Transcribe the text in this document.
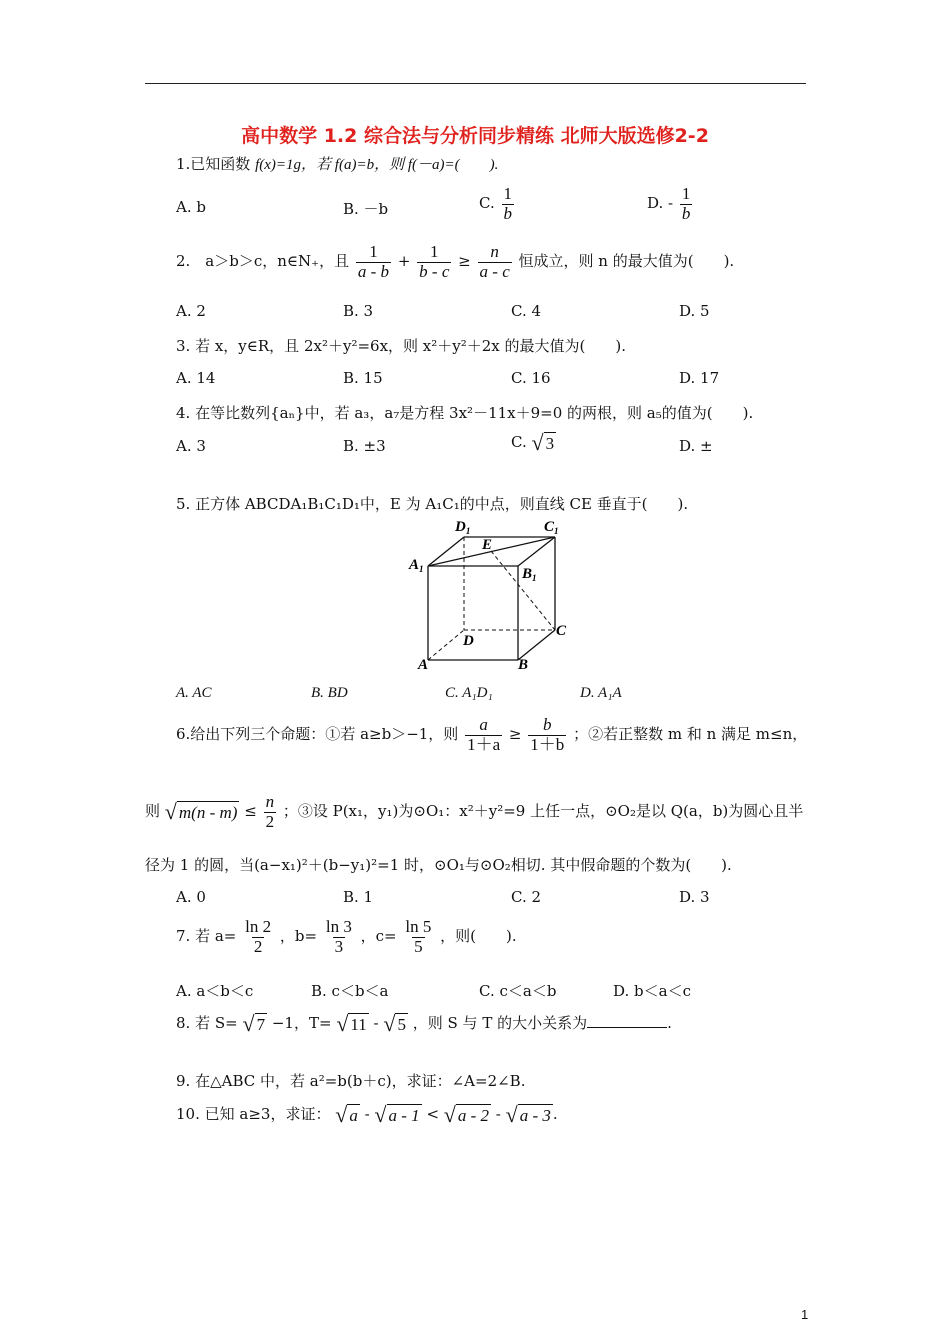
高中数学 1.2 综合法与分析同步精练 北师大版选修2-2
1.已知函数 f(x)=1g，若 f(a)=b，则 f(－a)=(　　).
A. b	B. －b	C. $\frac{1}{b}$	D. - $\frac{1}{b}$
2.　a＞b＞c，n∈N₊，且 $\frac{1}{a - b} + \frac{1}{b - c} \ge \frac{n}{a - c}$ 恒成立，则 n 的最大值为(　　).
A. 2	B. 3	C. 4	D. 5
3. 若 x，y∈R，且 2x²＋y²=6x，则 x²＋y²＋2x 的最大值为(　　).
A. 14	B. 15	C. 16	D. 17
4. 在等比数列{aₙ}中，若 a₃，a₇是方程 3x²－11x＋9=0 的两根，则 a₅的值为(　　).
A. 3	B. ±3	C. √ 3	D. ±
5. 正方体 ABCDA₁B₁C₁D₁中，E 为 A₁C₁的中点，则直线 CE 垂直于(　　).
$D_1$	$C_1$
$A_1$	$B_1$
E
C
D
A	B
A. AC	B. BD	C. A₁D₁	D. A₁A
6.给出下列三个命题：①若 a≥b＞−1，则 $\frac{a}{1+a} \ge \frac{b}{1+b}$ ；②若正整数 m 和 n 满足 m≤n，
则 √ $m(n - m) \le \frac{n}{2}$ ；③设 P(x₁，y₁)为⊙O₁：x²＋y²=9 上任一点，⊙O₂是以 Q(a，b)为圆心且半
径为 1 的圆，当(a−x₁)²＋(b−y₁)²=1 时，⊙O₁与⊙O₂相切. 其中假命题的个数为(　　).
A. 0	B. 1	C. 2	D. 3
7. 若 $a= \frac{\ln 2}{2}$ ，$b= \frac{\ln 3}{3}$ ，$c= \frac{\ln 5}{5}$ ，则(　　).
A. a＜b＜c	B. c＜b＜a	C. c＜a＜b	D. b＜a＜c
8. 若 S= √ 7 −1，T= √ 11 - √ 5 ，则 S 与 T 的大小关系为	.
9. 在△ABC 中，若 a²=b(b＋c)，求证：∠A=2∠B.
10. 已知 a≥3，求证： √ a - √ a - 1 < √ a - 2 - √ a - 3 .
1
